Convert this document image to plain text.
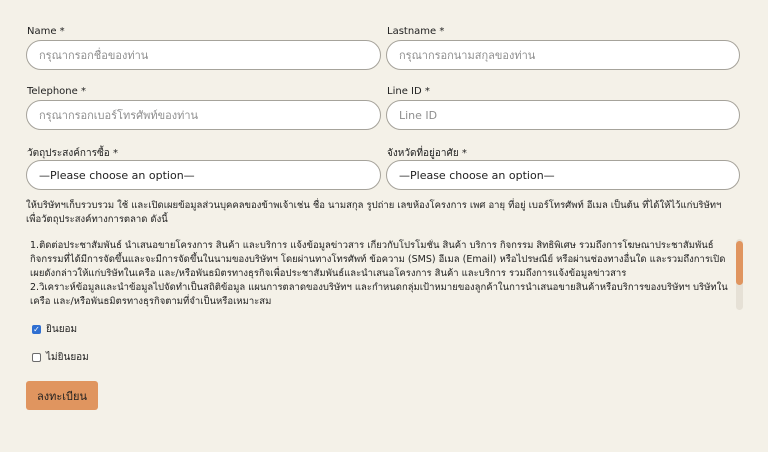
Name *
กรุณากรอกชื่อของท่าน
Lastname *
กรุณากรอกนามสกุลของท่าน
Telephone *
กรุณากรอกเบอร์โทรศัพท์ของท่าน
Line ID *
Line ID
วัตถุประสงค์การซื้อ *
—Please choose an option—
จังหวัดที่อยู่อาศัย *
—Please choose an option—
ให้บริษัทฯเก็บรวบรวม ใช้ และเปิดเผยข้อมูลส่วนบุคคลของข้าพเจ้าเช่น ชื่อ นามสกุล รูปถ่าย เลขห้องโครงการ เพศ อายุ ที่อยู่ เบอร์โทรศัพท์ อีเมล เป็นต้น ที่ได้ให้ไว้แก่บริษัทฯ เพื่อวัตถุประสงค์ทางการตลาด ดังนี้

1.ติดต่อประชาสัมพันธ์ นำเสนอขายโครงการ สินค้า และบริการ แจ้งข้อมูลข่าวสาร เกี่ยวกับโปรโมชั่น สินค้า บริการ กิจกรรม สิทธิพิเศษ รวมถึงการโฆษณาประชาสัมพันธ์กิจกรรมที่ได้มีการจัดขึ้นและจะมีการจัดขึ้นในนามของบริษัทฯ โดยผ่านทางโทรศัพท์ ข้อความ (SMS) อีเมล (Email) หรือไปรษณีย์ หรือผ่านช่องทางอื่นใด และรวมถึงการเปิดเผยดังกล่าวให้แก่บริษัทในเครือ และ/หรือพันธมิตรทางธุรกิจเพื่อประชาสัมพันธ์และนำเสนอโครงการ สินค้า และบริการ รวมถึงการแจ้งข้อมูลข่าวสาร

2.วิเคราะห์ข้อมูลและนำข้อมูลไปจัดทำเป็นสถิติข้อมูล แผนการตลาดของบริษัทฯ และกำหนดกลุ่มเป้าหมายของลูกค้าในการนำเสนอขายสินค้าหรือบริการของบริษัทฯ บริษัทในเครือ และ/หรือพันธมิตรทางธุรกิจตามที่จำเป็นหรือเหมาะสม

✓ ยินยอม
ไม่ยินยอม
ลงทะเบียน
